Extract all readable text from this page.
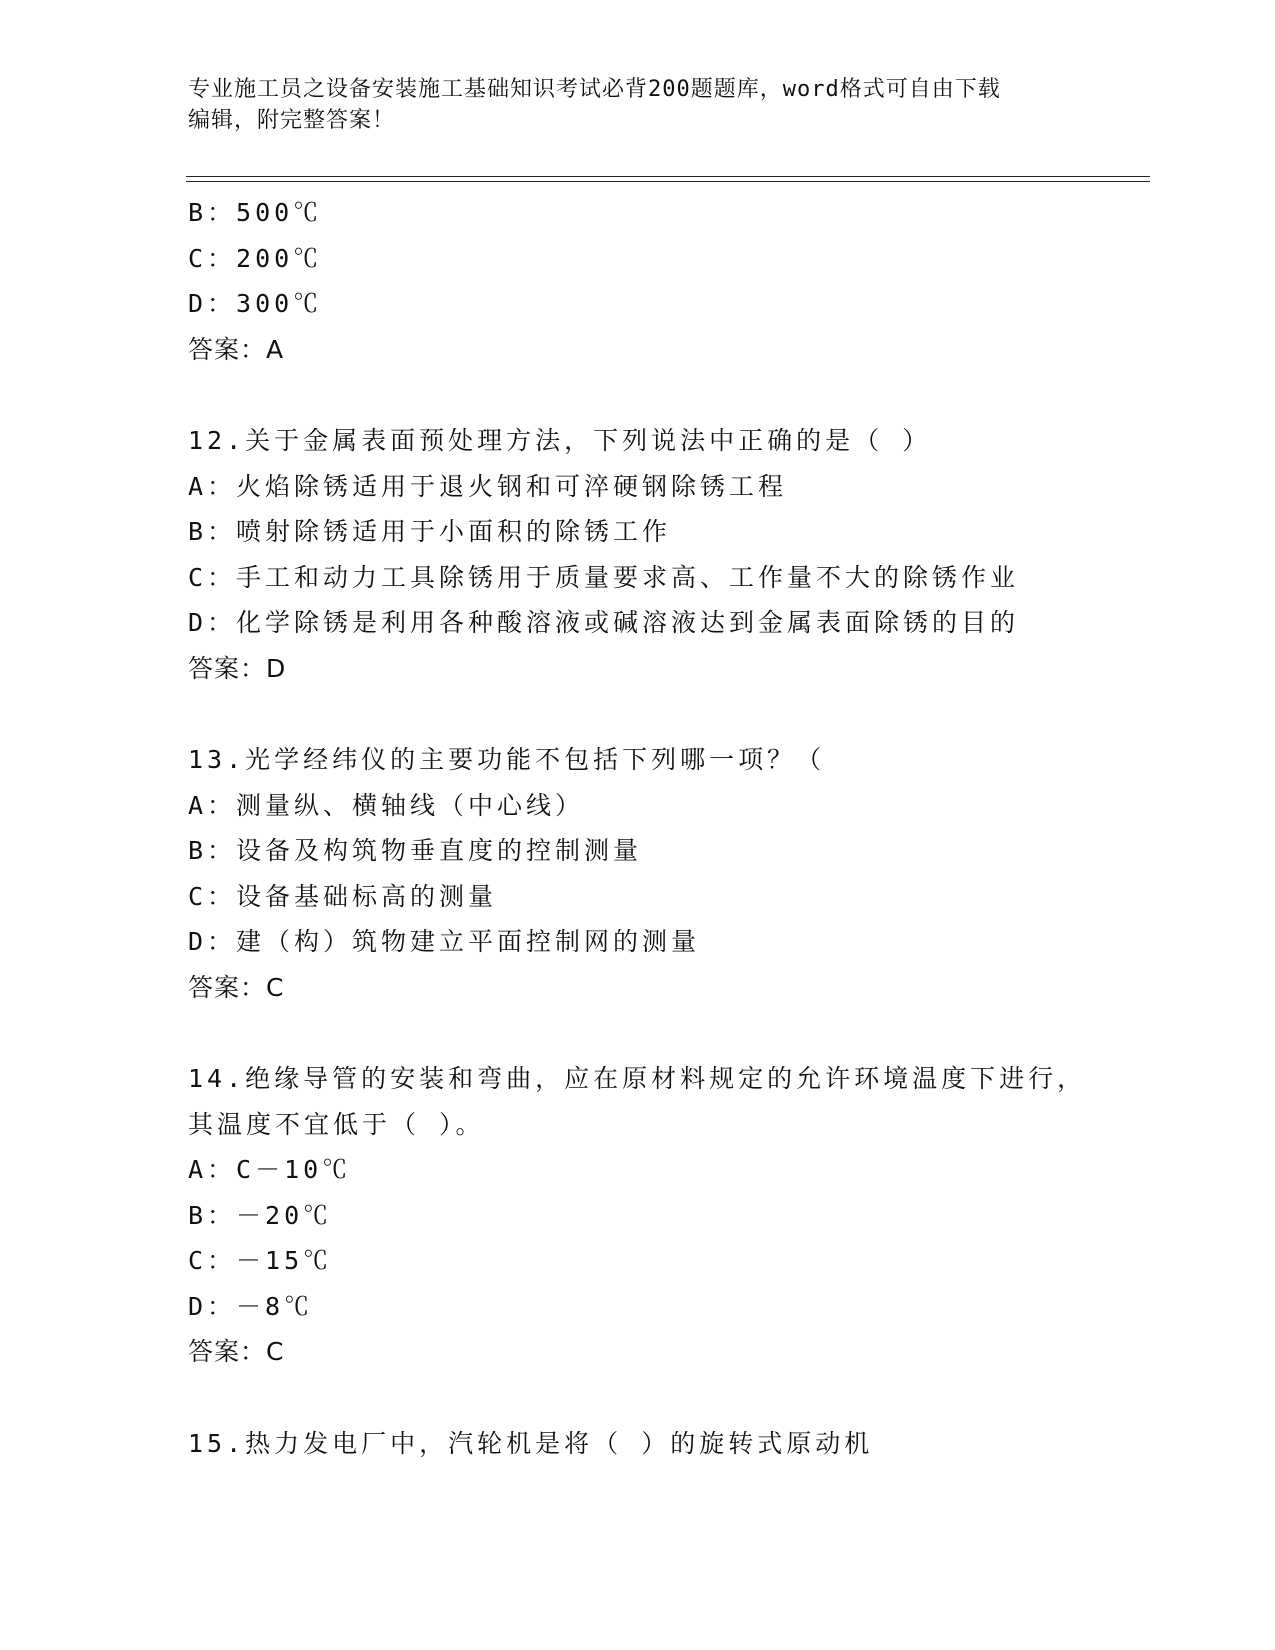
专业施工员之设备安装施工基础知识考试必背200题题库，word格式可自由下载
编辑，附完整答案！
B：500℃
C：200℃
D：300℃
答案：A
12.关于金属表面预处理方法，下列说法中正确的是（ ）
A：火焰除锈适用于退火钢和可淬硬钢除锈工程
B：喷射除锈适用于小面积的除锈工作
C：手工和动力工具除锈用于质量要求高、工作量不大的除锈作业
D：化学除锈是利用各种酸溶液或碱溶液达到金属表面除锈的目的
答案：D
13.光学经纬仪的主要功能不包括下列哪一项？（
A：测量纵、横轴线（中心线）
B：设备及构筑物垂直度的控制测量
C：设备基础标高的测量
D：建（构）筑物建立平面控制网的测量
答案：C
14.绝缘导管的安装和弯曲，应在原材料规定的允许环境温度下进行，
其温度不宜低于（ ）。
A：C－10℃
B：－20℃
C：－15℃
D：－8℃
答案：C
15.热力发电厂中，汽轮机是将（ ）的旋转式原动机
